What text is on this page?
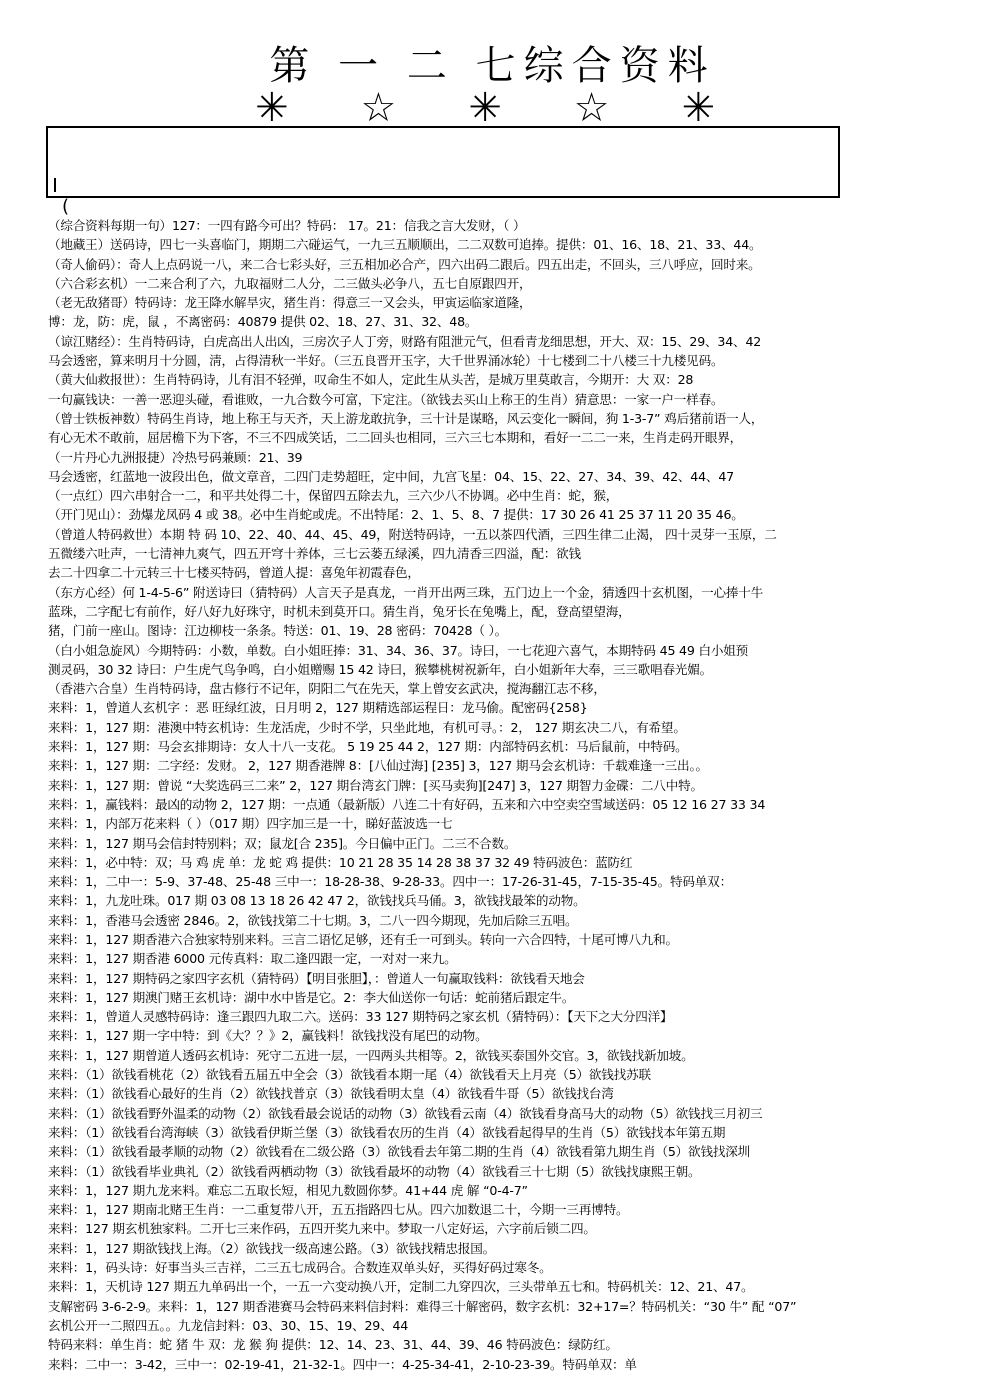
第 一 二 七综合资料
✳ ☆ ✳ ☆ ✳
(
（综合资料每期一句）127：一四有路今可出？特码： 17。21：信我之言大发财，（ ）
（地藏王）送码诗，四七一头喜临门，期期二六碰运气，一九三五顺顺出，二二双数可追捧。提供：01、16、18、21、33、44。
（奇人偷码）：奇人上点码说一八，来二合七彩头好，三五相加必合产，四六出码二跟后。四五出走，不回头，三八呼应，回时来。
（六合彩玄机）一二来合利了六，九取福财二人分，二三做头必争八，五七自原跟四开，
（老无敌猪哥）特码诗：龙王降水解旱灾，猪生肖：得意三一又会头，甲寅运临家道隆，
博：龙，防：虎，鼠 ，不离密码：40879 提供 02、18、27、31、32、48。
（谅江赌经）：生肖特码诗，白虎高出人出凶，三房次子人丁旁，财路有阻泄元气，但看青龙细思想，开大、双：15、29、34、42
马会透密，算来明月十分圆，淸，占得清秋一半好。（三五良晋开玉字，大千世界涌冰轮）十七楼到二十八楼三十九楼见码。
（黄大仙救报世）：生肖特码诗，儿有泪不轻弹，叹命生不如人，定此生从头苦，是城万里莫敢言，今期开：大 双：28
一句赢钱诀：一善一恶迎头碰，看谁败，一九合数今可富，下定注。（欲钱去买山上称王的生肖）猜意思：一家一户一样春。
（曾士铁板神数）特码生肖诗，地上称王与天齐，天上游龙敢抗争，三十计是谋略，风云变化一瞬间，狗 1-3-7” 鸡后猪前语一人，
有心无术不敢前，屈居檐下为下客，不三不四成笑话，二二回头也相同，三六三七本期和，看好一二二一来，生肖走码开眼界，
（一片丹心九洲报捷）冷热号码兼顾：21、39
马会透密，红蓝地一波段出色，做文章音，二四门走势超旺，定中间，九宫飞星：04、15、22、27、34、39、42、44、47
（一点红）四六串射合一二，和平共处得二十，保留四五除去九，三六少八不协调。必中生肖：蛇，猴，
（开门见山）：劲爆龙凤码 4 或 38。必中生肖蛇或虎。不出特尾：2、1、5、8、7 提供：17 30 26 41 25 37 11 20 35 46。
（曾道人特码救世）本期 特 码 10、22、40、44、45、49，附送特码诗，一五以茶四代酒，三四生律二止渴， 四十灵芽一玉原，二
五微缕六吐声，一七清神九爽气，四五开穹十养体，三七云蒌五绿溪，四九清香三四溢，配：欲钱
去二十四拿二十元转三十七楼买特码，曾道人提：喜兔年初霞春色，
（东方心经）何 1-4-5-6” 附送诗曰（猜特码）人言天子是真龙，一肖开出两三珠，五门边上一个金，猜透四十玄机图，一心捧十牛
蓝珠，二字配七有前作，好八好九好珠守，时机未到莫开口。猜生肖，兔牙长在兔嘴上，配，登高望望海，
猪，门前一座山。图诗：江边柳枝一条条。特送：01、19、28 密码：70428（ ）。
（白小姐急旋风）今期特码：小数，单数。白小姐旺捧：31、34、36、37。诗曰，一七花迎六喜气，本期特码 45 49 白小姐预
测灵码，30 32 诗曰：户生虎气鸟争鸣，白小姐赠赐 15 42 诗曰，猴攀桃树祝新年，白小姐新年大奉，三三歌唱春光媚。
（香港六合皇）生肖特码诗，盘古修行不记年，阴阳二气在先天，掌上曾安玄武决，搅海翻江志不移，
来料：1，曾道人玄机字 ：恶 旺绿红波，日月明 2，127 期精选部运程日：龙马偷。配密码{258}
来料：1，127 期：港澳中特玄机诗：生龙活虎，少时不学，只坐此地，有机可寻。：2， 127 期玄决二八，有希望。
来料：1，127 期：马会玄排期诗：女人十八一支花。 5 19 25 44 2，127 期：内部特码玄机：马后鼠前，中特码。
来料：1，127 期：二字经：发财。 2，127 期香港牌 8：[八仙过海] [235] 3，127 期马会玄机诗：千载难逢一三出。。
来料：1，127 期：曾说 “大奖选码三二来” 2，127 期台湾玄门牌：[买马卖狗][247] 3，127 期智力金碟：二八中特。
来料：1，赢钱料：最凶的动物 2，127 期：一点通（最新版）八连二十有好码，五来和六中空卖空雪域送码：05 12 16 27 33 34
来料：1，内部万花来料（ ）（017 期）四字加三是一十，睇好蓝波选一七
来料：1，127 期马会信封特别料；双；鼠龙[合 235]。今日偏中正门。二三不合数。
来料：1，必中特：双；马 鸡 虎 单：龙 蛇 鸡 提供：10 21 28 35 14 28 38 37 32 49 特码波色：蓝防红
来料：1，二中一：5-9、37-48、25-48 三中一：18-28-38、9-28-33。四中一：17-26-31-45，7-15-35-45。特码单双：
来料：1，九龙吐珠。017 期 03 08 13 18 26 42 47 2，欲钱找兵马俑。3，欲钱找最笨的动物。
来料：1，香港马会透密 2846。2，欲钱找第二十七期。3，二八一四今期现，先加后除三五唱。
来料：1，127 期香港六合独家特别来料。三言二语忆足够，还有壬一可到头。转向一六合四特，十尾可博八九和。
来料：1，127 期香港 6000 元传真料：取二逢四跟一定，一对对一来九。
来料：1，127 期特码之家四字玄机（猜特码）【明目张胆】，：曾道人一句赢取钱料：欲钱看天地会
来料：1，127 期澳门赌王玄机诗：湖中水中皆是它。2：李大仙送你一句话：蛇前猪后跟定牛。
来料：1，曾道人灵感特码诗：逢三跟四九取二六。送码：33 127 期特码之家玄机（猜特码）：【天下之大分四洋】
来料：1，127 期一字中特：到《大？？》2，赢钱料！欲钱找没有尾巴的动物。
来料：1，127 期曾道人透码玄机诗：死守二五进一层，一四两头共相等。2，欲钱买泰国外交官。3，欲钱找新加坡。
来料：（1）欲钱看桃花（2）欲钱看五届五中全会（3）欲钱看本期一尾（4）欲钱看天上月亮（5）欲钱找苏联
来料：（1）欲钱看心最好的生肖（2）欲钱找普京（3）欲钱看明太皇（4）欲钱看牛哥（5）欲钱找台湾
来料：（1）欲钱看野外温柔的动物（2）欲钱看最会说话的动物（3）欲钱看云南（4）欲钱看身高马大的动物（5）欲钱找三月初三
来料：（1）欲钱看台湾海峡（3）欲钱看伊斯兰堡（3）欲钱看农历的生肖（4）欲钱看起得早的生肖（5）欲钱找本年第五期
来料：（1）欲钱看最孝顺的动物（2）欲钱看在二级公路（3）欲钱看去年第二期的生肖（4）欲钱看第九期生肖（5）欲钱找深圳
来料：（1）欲钱看毕业典礼（2）欲钱看两栖动物（3）欲钱看最坏的动物（4）欲钱看三十七期（5）欲钱找康熙王朝。
来料：1，127 期九龙来料。难忘二五取长短，相见九数圆你梦。41+44 虎 解 “0-4-7”
来料：1，127 期南北赌王生肖：一二重复带八开，五五指路四七从。四六加数退二十，今期一三再博特。
来料：127 期玄机独家料。二开七三来作码，五四开奖九来中。梦取一八定好运，六字前后锁二四。
来料：1，127 期欲钱找上海。（2）欲钱找一级高速公路。（3）欲钱找精忠报国。
来料：1，码头诗：好事当头三吉祥，二三五七成码合。合数连双单头好，买得好码过寒冬。
来料：1，天机诗 127 期五九单码出一个，一五一六变动换八开，定制二九穿四次，三头带单五七和。特码机关：12、21、47。
支解密码 3-6-2-9。来料：1，127 期香港赛马会特码来料信封料：难得三十解密码，数字玄机：32+17=？特码机关：“30 牛” 配 “07”
玄机公开一二照四五。。九龙信封料：03、30、15、19、29、44
特码来料：单生肖：蛇 猪 牛 双：龙 猴 狗 提供：12、14、23、31、44、39、46 特码波色：绿防红。
来料：二中一：3-42，三中一：02-19-41，21-32-1。四中一：4-25-34-41，2-10-23-39。特码单双：单
